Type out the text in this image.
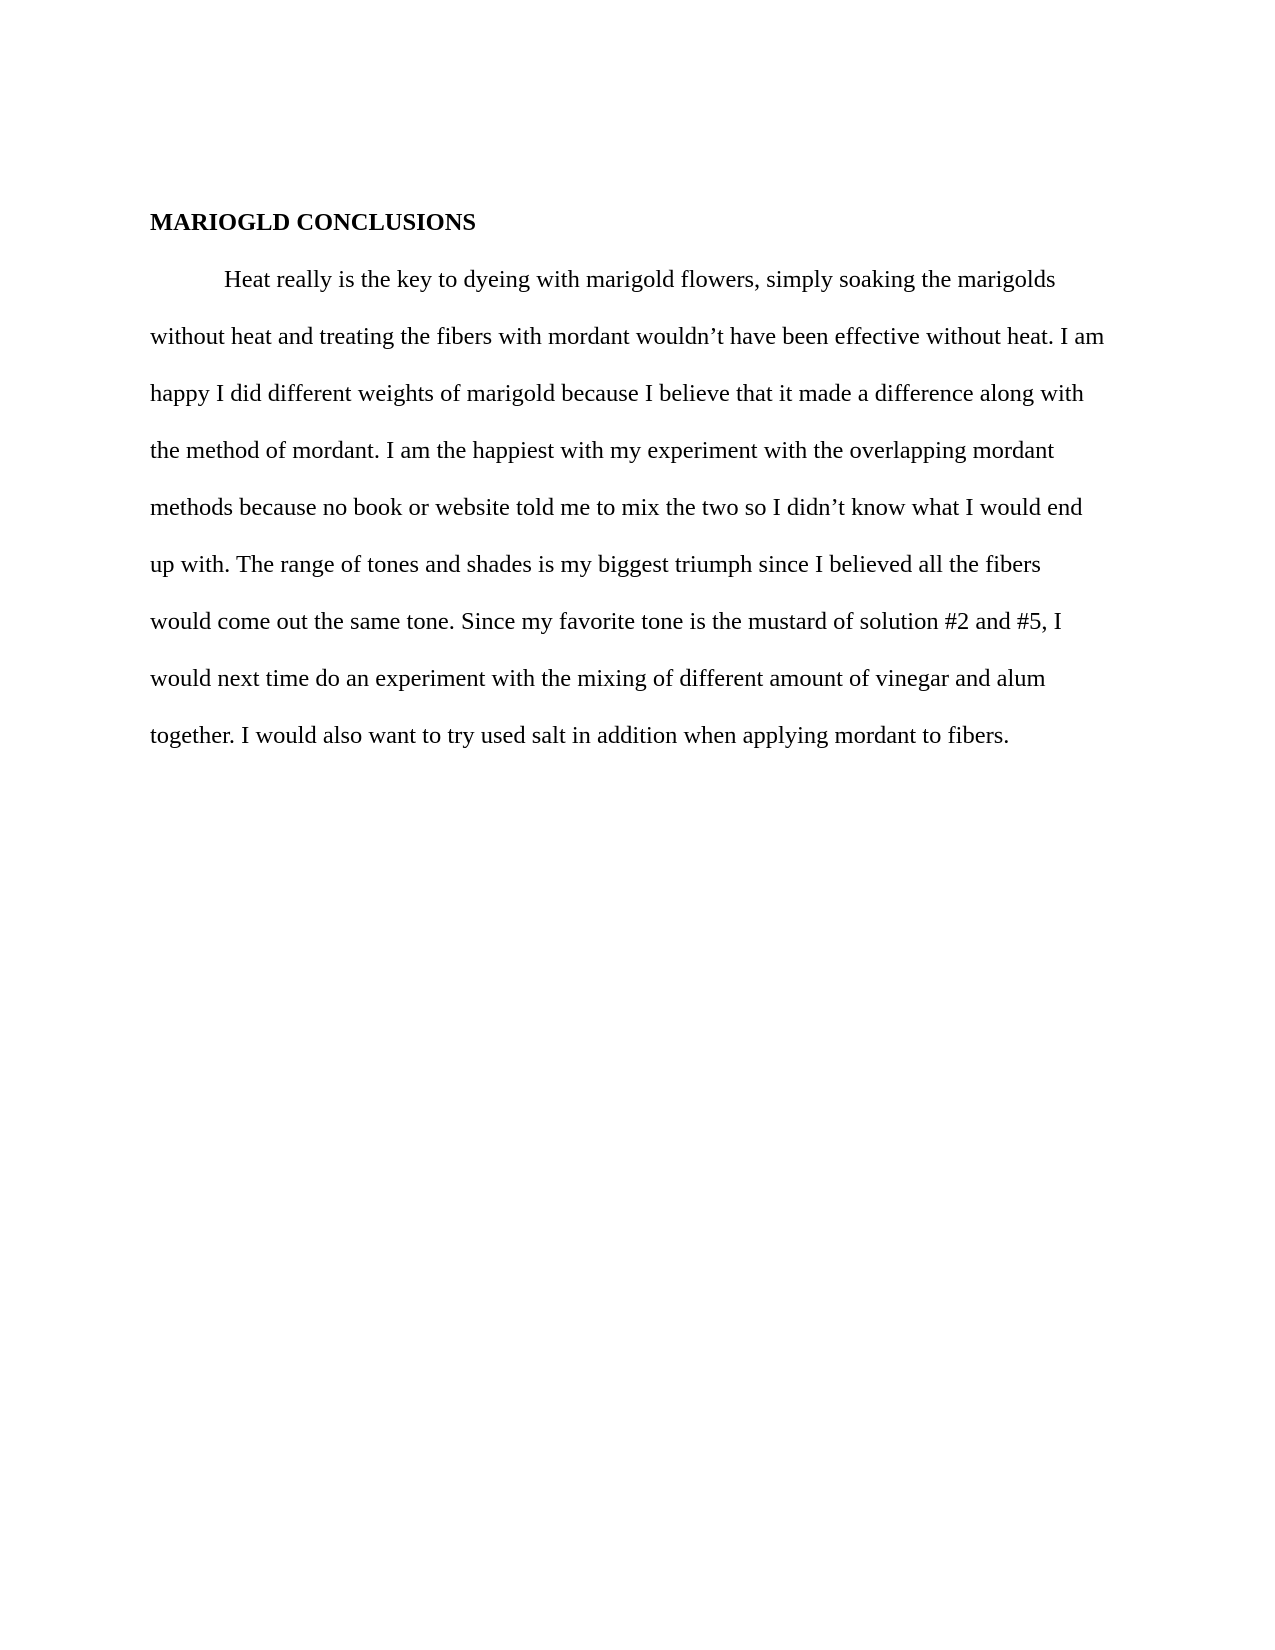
MARIOGLD CONCLUSIONS

Heat really is the key to dyeing with marigold flowers, simply soaking the marigolds

without heat and treating the fibers with mordant wouldn’t have been effective without heat. I am

happy I did different weights of marigold because I believe that it made a difference along with

the method of mordant. I am the happiest with my experiment with the overlapping mordant

methods because no book or website told me to mix the two so I didn’t know what I would end

up with. The range of tones and shades is my biggest triumph since I believed all the fibers

would come out the same tone. Since my favorite tone is the mustard of solution #2 and #5, I

would next time do an experiment with the mixing of different amount of vinegar and alum

together. I would also want to try used salt in addition when applying mordant to fibers.
